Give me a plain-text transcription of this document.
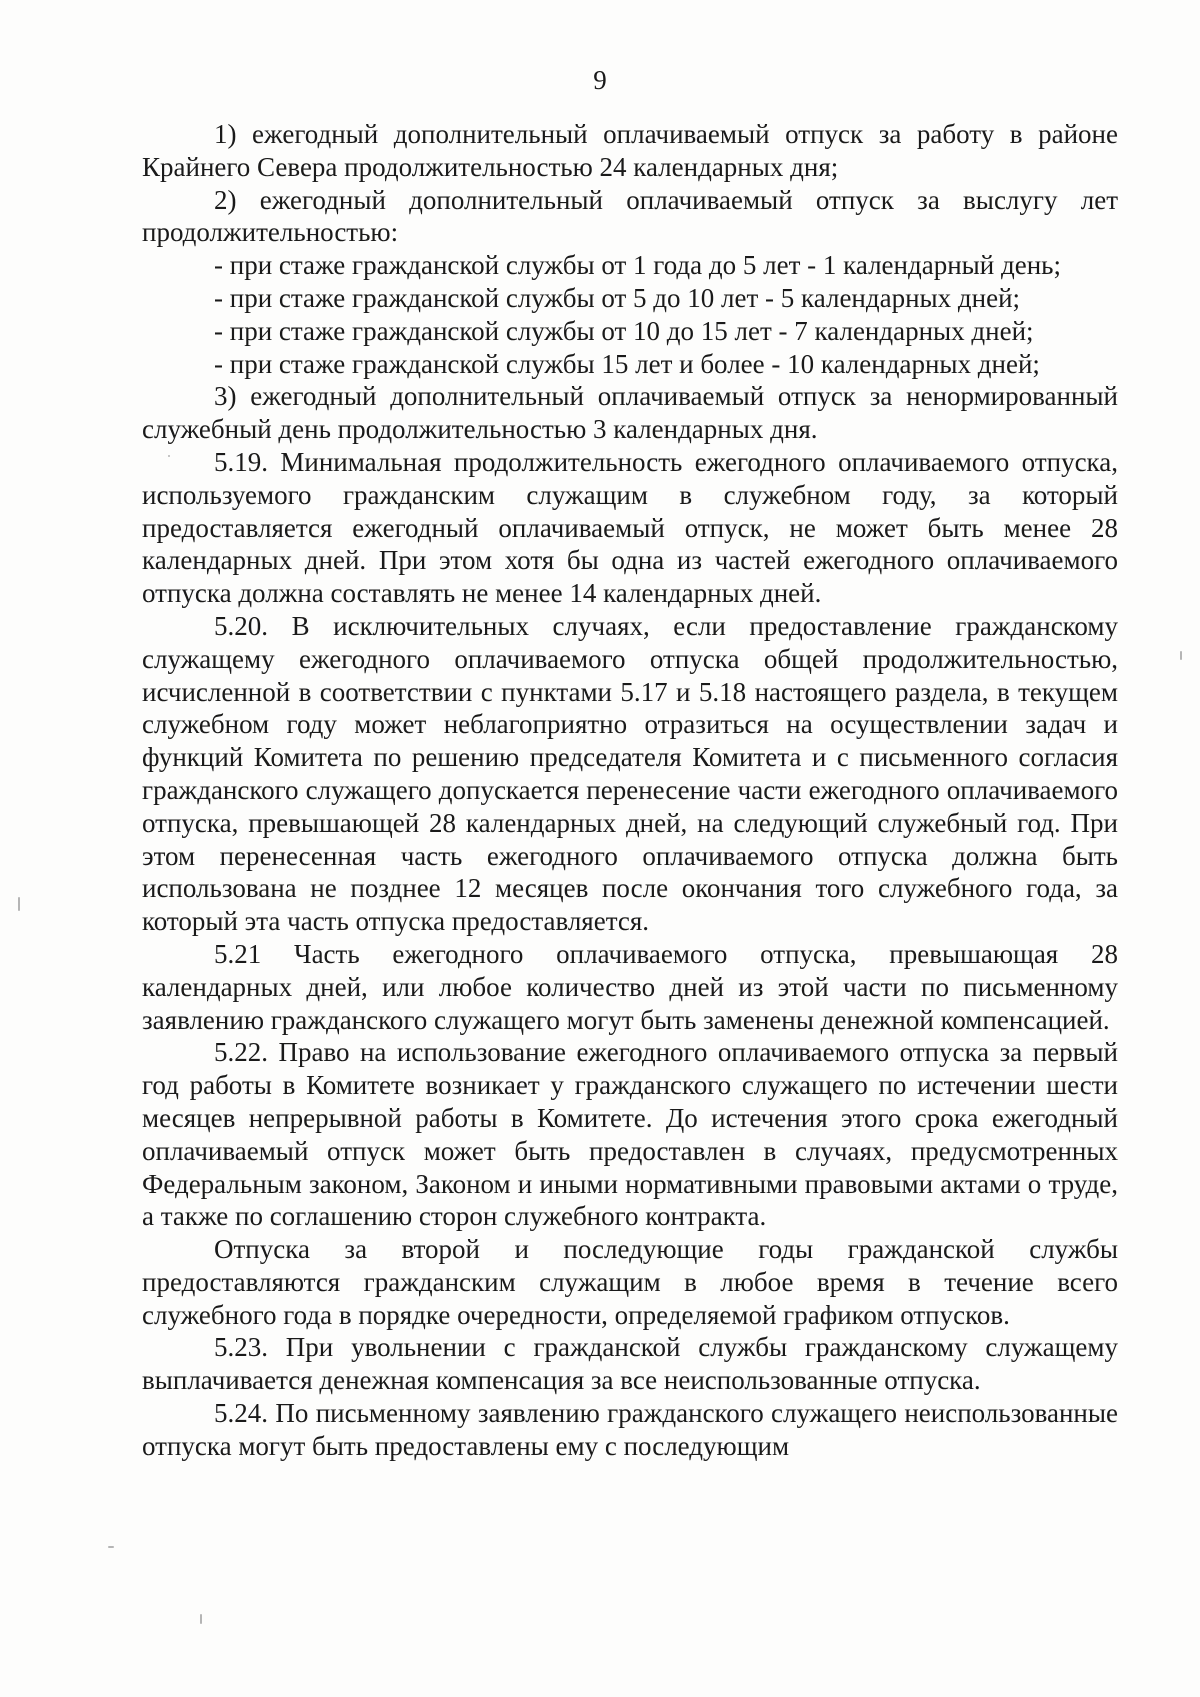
9

1) ежегодный дополнительный оплачиваемый отпуск за работу в районе Крайнего Севера продолжительностью 24 календарных дня;

2) ежегодный дополнительный оплачиваемый отпуск за выслугу лет продолжительностью:

- при стаже гражданской службы от 1 года до 5 лет - 1 календарный день;

- при стаже гражданской службы от 5 до 10 лет - 5 календарных дней;

- при стаже гражданской службы от 10 до 15 лет - 7 календарных дней;

- при стаже гражданской службы 15 лет и более - 10 календарных дней;

3) ежегодный дополнительный оплачиваемый отпуск за ненормированный служебный день продолжительностью 3 календарных дня.

5.19. Минимальная продолжительность ежегодного оплачиваемого отпуска, используемого гражданским служащим в служебном году, за который предоставляется ежегодный оплачиваемый отпуск, не может быть менее 28 календарных дней. При этом хотя бы одна из частей ежегодного оплачиваемого отпуска должна составлять не менее 14 календарных дней.

5.20. В исключительных случаях, если предоставление гражданскому служащему ежегодного оплачиваемого отпуска общей продолжительностью, исчисленной в соответствии с пунктами 5.17 и 5.18 настоящего раздела, в текущем служебном году может неблагоприятно отразиться на осуществлении задач и функций Комитета по решению председателя Комитета и с письменного согласия гражданского служащего допускается перенесение части ежегодного оплачиваемого отпуска, превышающей 28 календарных дней, на следующий служебный год. При этом перенесенная часть ежегодного оплачиваемого отпуска должна быть использована не позднее 12 месяцев после окончания того служебного года, за который эта часть отпуска предоставляется.

5.21 Часть ежегодного оплачиваемого отпуска, превышающая 28 календарных дней, или любое количество дней из этой части по письменному заявлению гражданского служащего могут быть заменены денежной компенсацией.

5.22. Право на использование ежегодного оплачиваемого отпуска за первый год работы в Комитете возникает у гражданского служащего по истечении шести месяцев непрерывной работы в Комитете. До истечения этого срока ежегодный оплачиваемый отпуск может быть предоставлен в случаях, предусмотренных Федеральным законом, Законом и иными нормативными правовыми актами о труде, а также по соглашению сторон служебного контракта.

Отпуска за второй и последующие годы гражданской службы предоставляются гражданским служащим в любое время в течение всего служебного года в порядке очередности, определяемой графиком отпусков.

5.23. При увольнении с гражданской службы гражданскому служащему выплачивается денежная компенсация за все неиспользованные отпуска.

5.24. По письменному заявлению гражданского служащего неиспользованные отпуска могут быть предоставлены ему с последующим
